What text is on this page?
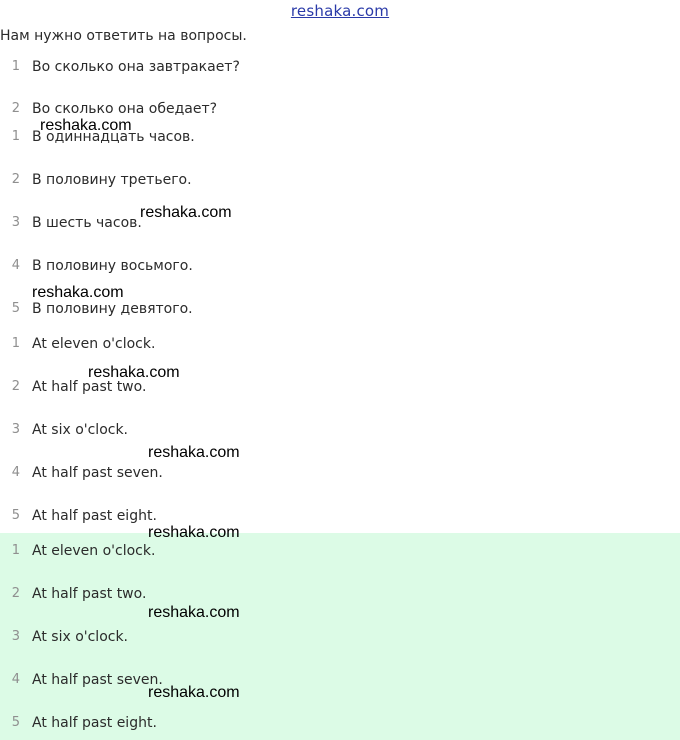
reshaka.com
Нам нужно ответить на вопросы.
1 Во сколько она завтракает?
2 Во сколько она обедает?
1 В одиннадцать часов.
2 В половину третьего.
3 В шесть часов.
4 В половину восьмого.
5 В половину девятого.
1 At eleven o'clock.
2 At half past two.
3 At six o'clock.
4 At half past seven.
5 At half past eight.
1 At eleven o'clock.
2 At half past two.
3 At six o'clock.
4 At half past seven.
5 At half past eight.
reshaka.com
reshaka.com
reshaka.com
reshaka.com
reshaka.com
reshaka.com
reshaka.com
reshaka.com
